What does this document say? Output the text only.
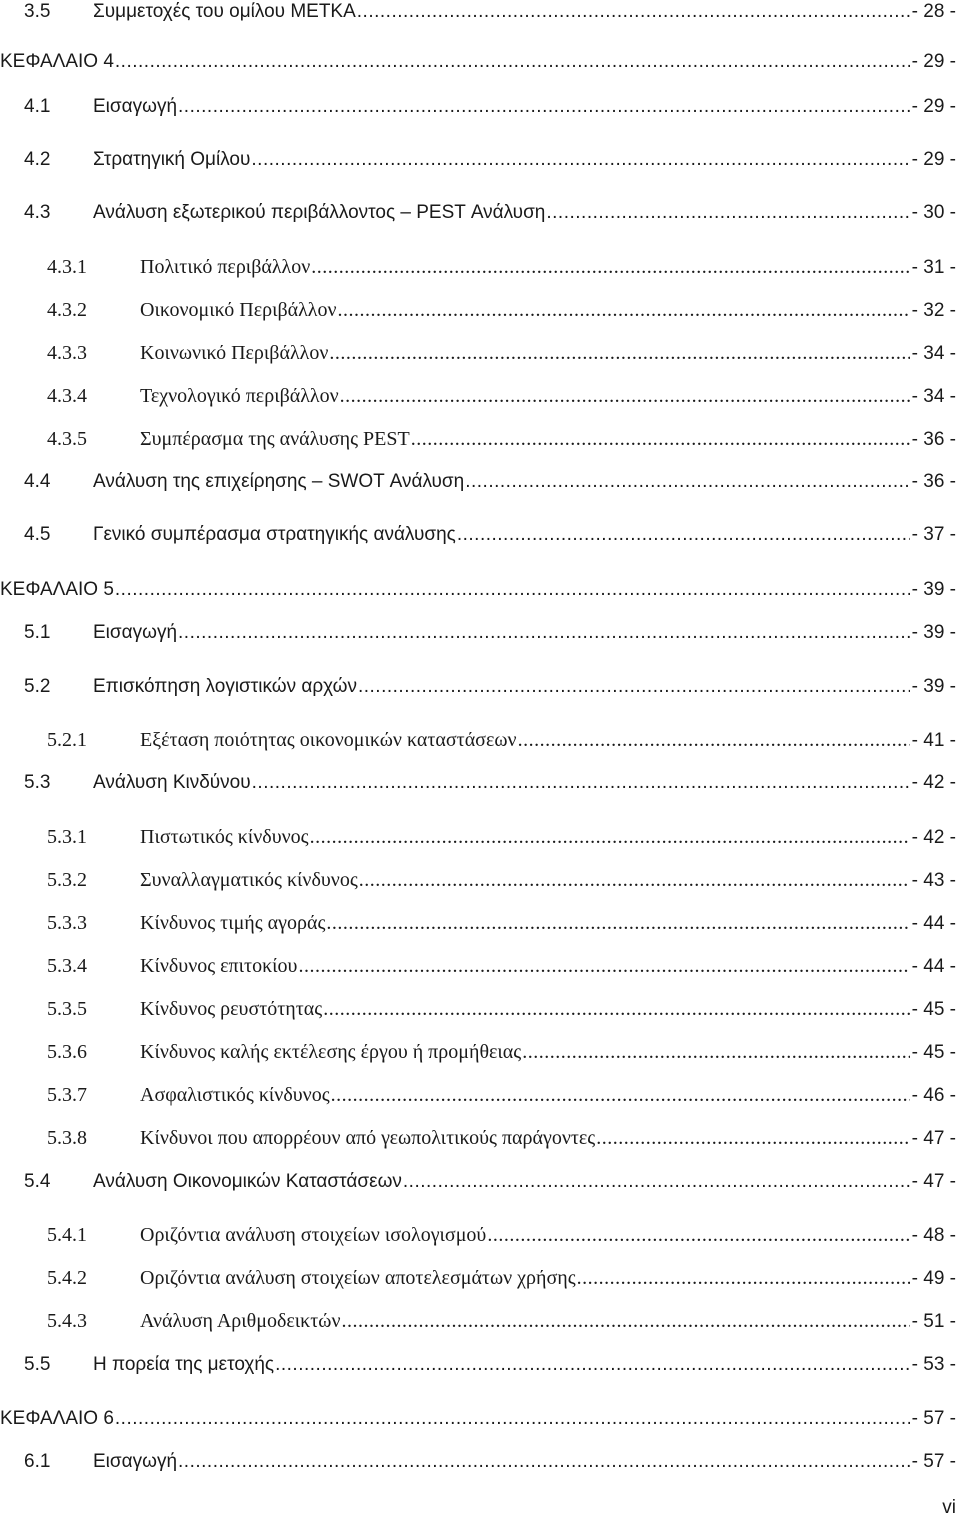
3.5	Συμμετοχές του ομίλου ΜΕΤΚΑ .....	- 28 -
ΚΕΦΑΛΑΙΟ 4 .....	- 29 -
4.1	Εισαγωγή .....	- 29 -
4.2	Στρατηγική Ομίλου .....	- 29 -
4.3	Ανάλυση εξωτερικού περιβάλλοντος – PEST Ανάλυση .....	- 30 -
4.3.1	Πολιτικό περιβάλλον .....	- 31 -
4.3.2	Οικονομικό Περιβάλλον .....	- 32 -
4.3.3	Κοινωνικό Περιβάλλον .....	- 34 -
4.3.4	Τεχνολογικό περιβάλλον .....	- 34 -
4.3.5	Συμπέρασμα της ανάλυσης PEST .....	- 36 -
4.4	Ανάλυση της επιχείρησης – SWOT Ανάλυση .....	- 36 -
4.5	Γενικό συμπέρασμα στρατηγικής ανάλυσης .....	- 37 -
ΚΕΦΑΛΑΙΟ 5 .....	- 39 -
5.1	Εισαγωγή .....	- 39 -
5.2	Επισκόπηση λογιστικών αρχών .....	- 39 -
5.2.1	Εξέταση ποιότητας οικονομικών καταστάσεων .....	- 41 -
5.3	Ανάλυση Κινδύνου .....	- 42 -
5.3.1	Πιστωτικός κίνδυνος .....	- 42 -
5.3.2	Συναλλαγματικός κίνδυνος .....	- 43 -
5.3.3	Κίνδυνος τιμής αγοράς .....	- 44 -
5.3.4	Κίνδυνος επιτοκίου .....	- 44 -
5.3.5	Κίνδυνος ρευστότητας .....	- 45 -
5.3.6	Κίνδυνος καλής εκτέλεσης έργου ή προμήθειας .....	- 45 -
5.3.7	Ασφαλιστικός κίνδυνος .....	- 46 -
5.3.8	Κίνδυνοι που απορρέουν από γεωπολιτικούς παράγοντες .....	- 47 -
5.4	Ανάλυση Οικονομικών Καταστάσεων .....	- 47 -
5.4.1	Οριζόντια ανάλυση στοιχείων ισολογισμού .....	- 48 -
5.4.2	Οριζόντια ανάλυση στοιχείων αποτελεσμάτων χρήσης .....	- 49 -
5.4.3	Ανάλυση Αριθμοδεικτών .....	- 51 -
5.5	Η πορεία της μετοχής .....	- 53 -
ΚΕΦΑΛΑΙΟ 6 .....	- 57 -
6.1	Εισαγωγή .....	- 57 -
vi
